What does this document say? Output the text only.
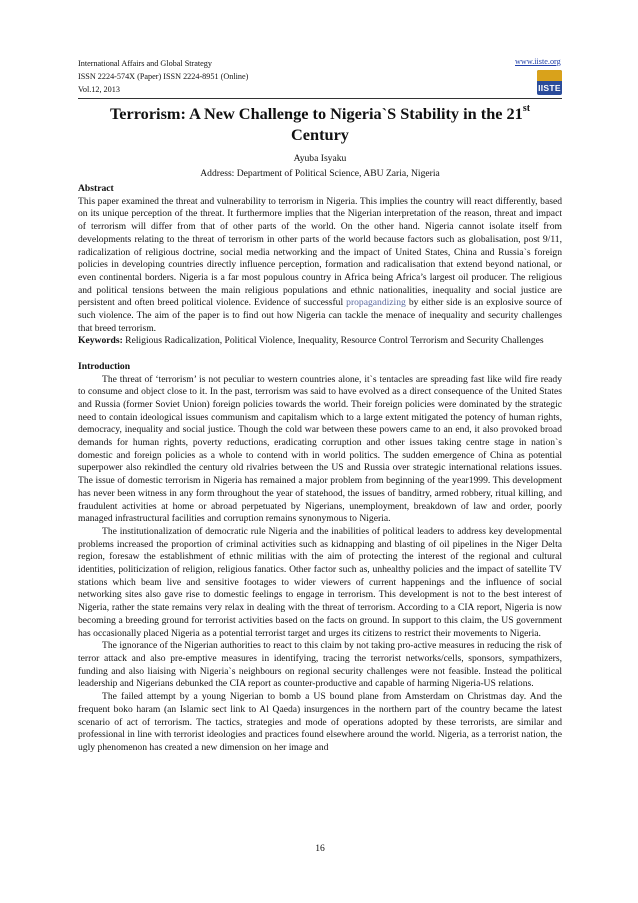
International Affairs and Global Strategy
ISSN 2224-574X (Paper) ISSN 2224-8951 (Online)
Vol.12, 2013
www.iiste.org
IISTE
Terrorism: A New Challenge to Nigeria`S Stability in the 21st
Century
Ayuba Isyaku
Address: Department of Political Science, ABU Zaria, Nigeria
Abstract

This paper examined the threat and vulnerability to terrorism in Nigeria. This implies the country will react differently, based on its unique perception of the threat. It furthermore implies that the Nigerian interpretation of the reason, threat and impact of terrorism will differ from that of other parts of the world. On the other hand. Nigeria cannot isolate itself from developments relating to the threat of terrorism in other parts of the world because factors such as globalisation, post 9/11, radicalization of religious doctrine, social media networking and the impact of United States, China and Russia`s foreign policies in developing countries directly influence perception, formation and radicalisation that extend beyond national, or even continental borders. Nigeria is a far most populous country in Africa being Africa’s largest oil producer. The religious and political tensions between the main religious populations and ethnic nationalities, inequality and social justice are persistent and often breed political violence. Evidence of successful propagandizing by either side is an explosive source of such violence. The aim of the paper is to find out how Nigeria can tackle the menace of inequality and security challenges that breed terrorism.

Keywords: Religious Radicalization, Political Violence, Inequality, Resource Control Terrorism and Security Challenges

Introduction

The threat of ‘terrorism’ is not peculiar to western countries alone, it`s tentacles are spreading fast like wild fire ready to consume and object close to it. In the past, terrorism was said to have evolved as a direct consequence of the United States and Russia (former Soviet Union) foreign policies towards the world. Their foreign policies were dominated by the strategic need to contain ideological issues communism and capitalism which to a large extent mitigated the potency of human rights, democracy, inequality and social justice. Though the cold war between these powers came to an end, it also provoked broad demands for human rights, poverty reductions, eradicating corruption and other issues taking centre stage in nation`s domestic and foreign policies as a whole to contend with in world politics. The sudden emergence of China as potential superpower also rekindled the century old rivalries between the US and Russia over strategic international relations issues. The issue of domestic terrorism in Nigeria has remained a major problem from beginning of the year1999. This development has never been witness in any form throughout the year of statehood, the issues of banditry, armed robbery, ritual killing, and fraudulent activities at home or abroad perpetuated by Nigerians, unemployment, breakdown of law and order, poorly managed infrastructural facilities and corruption remains synonymous to Nigeria.

The institutionalization of democratic rule Nigeria and the inabilities of political leaders to address key developmental problems increased the proportion of criminal activities such as kidnapping and blasting of oil pipelines in the Niger Delta region, foresaw the establishment of ethnic militias with the aim of protecting the interest of the regional and cultural identities, politicization of religion, religious fanatics. Other factor such as, unhealthy policies and the impact of satellite TV stations which beam live and sensitive footages to wider viewers of current happenings and the influence of social networking sites also gave rise to domestic feelings to engage in terrorism. This development is not to the best interest of Nigeria, rather the state remains very relax in dealing with the threat of terrorism. According to a CIA report, Nigeria is now becoming a breeding ground for terrorist activities based on the facts on ground. In support to this claim, the US government has occasionally placed Nigeria as a potential terrorist target and urges its citizens to restrict their movements to Nigeria.

The ignorance of the Nigerian authorities to react to this claim by not taking pro-active measures in reducing the risk of terror attack and also pre-emptive measures in identifying, tracing the terrorist networks/cells, sponsors, sympathizers, funding and also liaising with Nigeria`s neighbours on regional security challenges were not feasible. Instead the political leadership and Nigerians debunked the CIA report as counter-productive and capable of harming Nigeria-US relations.

The failed attempt by a young Nigerian to bomb a US bound plane from Amsterdam on Christmas day. And the frequent boko haram (an Islamic sect link to Al Qaeda) insurgences in the northern part of the country became the latest scenario of act of terrorism. The tactics, strategies and mode of operations adopted by these terrorists, are similar and professional in line with terrorist ideologies and practices found elsewhere around the world. Nigeria, as a terrorist nation, the ugly phenomenon has created a new dimension on her image and

16
